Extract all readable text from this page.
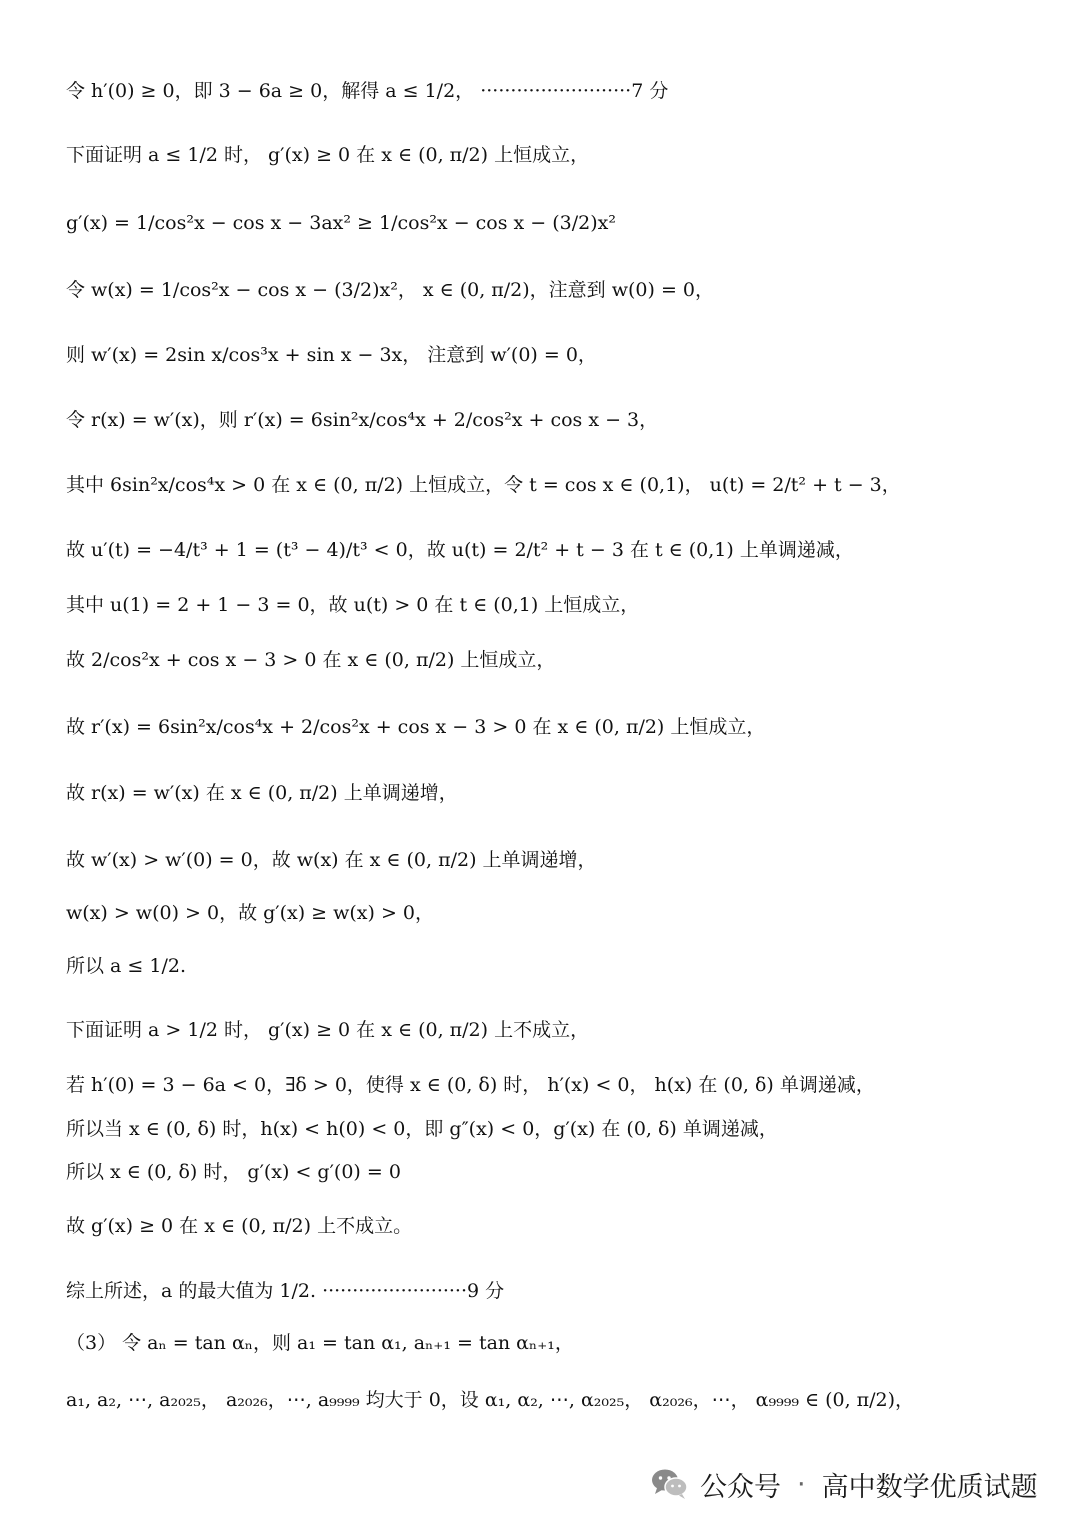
令 h′(0) ≥ 0，即 3 − 6a ≥ 0，解得 a ≤ 1/2， ·························7 分
下面证明 a ≤ 1/2 时， g′(x) ≥ 0 在 x ∈ (0, π/2) 上恒成立，
g′(x) = 1/cos²x − cos x − 3ax² ≥ 1/cos²x − cos x − (3/2)x²
令 w(x) = 1/cos²x − cos x − (3/2)x²， x ∈ (0, π/2)，注意到 w(0) = 0，
则 w′(x) = 2sin x/cos³x + sin x − 3x， 注意到 w′(0) = 0，
令 r(x) = w′(x)，则 r′(x) = 6sin²x/cos⁴x + 2/cos²x + cos x − 3，
其中 6sin²x/cos⁴x > 0 在 x ∈ (0, π/2) 上恒成立，令 t = cos x ∈ (0,1)， u(t) = 2/t² + t − 3，
故 u′(t) = −4/t³ + 1 = (t³ − 4)/t³ < 0，故 u(t) = 2/t² + t − 3 在 t ∈ (0,1) 上单调递减，
其中 u(1) = 2 + 1 − 3 = 0，故 u(t) > 0 在 t ∈ (0,1) 上恒成立，
故 2/cos²x + cos x − 3 > 0 在 x ∈ (0, π/2) 上恒成立，
故 r′(x) = 6sin²x/cos⁴x + 2/cos²x + cos x − 3 > 0 在 x ∈ (0, π/2) 上恒成立，
故 r(x) = w′(x) 在 x ∈ (0, π/2) 上单调递增，
故 w′(x) > w′(0) = 0，故 w(x) 在 x ∈ (0, π/2) 上单调递增，
w(x) > w(0) > 0，故 g′(x) ≥ w(x) > 0，
所以 a ≤ 1/2.
下面证明 a > 1/2 时， g′(x) ≥ 0 在 x ∈ (0, π/2) 上不成立，
若 h′(0) = 3 − 6a < 0，∃δ > 0，使得 x ∈ (0, δ) 时， h′(x) < 0， h(x) 在 (0, δ) 单调递减，
所以当 x ∈ (0, δ) 时，h(x) < h(0) < 0，即 g″(x) < 0，g′(x) 在 (0, δ) 单调递减，
所以 x ∈ (0, δ) 时， g′(x) < g′(0) = 0
故 g′(x) ≥ 0 在 x ∈ (0, π/2) 上不成立。
综上所述，a 的最大值为 1/2. ························9 分
（3） 令 aₙ = tan αₙ，则 a₁ = tan α₁, aₙ₊₁ = tan αₙ₊₁，
a₁, a₂, ⋯, a₂₀₂₅， a₂₀₂₆，⋯, a₉₉₉₉ 均大于 0，设 α₁, α₂, ⋯, α₂₀₂₅， α₂₀₂₆，⋯， α₉₉₉₉ ∈ (0, π/2)，
公众号 · 高中数学优质试题
